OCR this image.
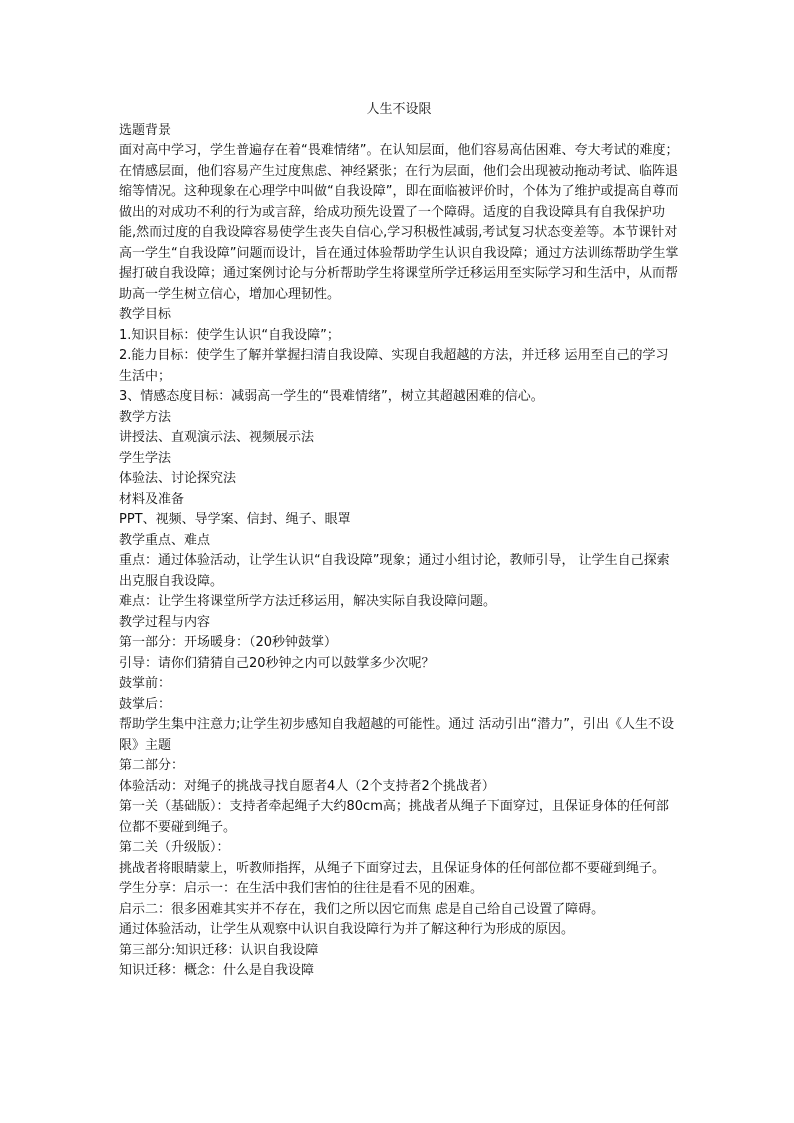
人生不设限

选题背景

面对高中学习，学生普遍存在着“畏难情绪”。在认知层面，他们容易高估困难、夸大考试的难度；在情感层面，他们容易产生过度焦虑、神经紧张；在行为层面，他们会出现被动拖动考试、临阵退缩等情况。这种现象在心理学中叫做“自我设障”，即在面临被评价时，个体为了维护或提高自尊而做出的对成功不利的行为或言辞，给成功预先设置了一个障碍。适度的自我设障具有自我保护功能,然而过度的自我设障容易使学生丧失自信心,学习积极性减弱,考试复习状态变差等。本节课针对高一学生“自我设障”问题而设计，旨在通过体验帮助学生认识自我设障；通过方法训练帮助学生掌握打破自我设障；通过案例讨论与分析帮助学生将课堂所学迁移运用至实际学习和生活中，从而帮助高一学生树立信心，增加心理韧性。

教学目标

1.知识目标：使学生认识“自我设障”；

2.能力目标：使学生了解并掌握扫清自我设障、实现自我超越的方法，并迁移 运用至自己的学习生活中；

3、情感态度目标：减弱高一学生的“畏难情绪”，树立其超越困难的信心。

教学方法

讲授法、直观演示法、视频展示法

学生学法

体验法、讨论探究法

材料及准备

PPT、视频、导学案、信封、绳子、眼罩

教学重点、难点

重点：通过体验活动，让学生认识“自我设障”现象；通过小组讨论，教师引导， 让学生自己探索出克服自我设障。

难点：让学生将课堂所学方法迁移运用，解决实际自我设障问题。

教学过程与内容

第一部分：开场暖身：（20秒钟鼓掌）

引导：请你们猜猜自己20秒钟之内可以鼓掌多少次呢？

鼓掌前：

鼓掌后：

帮助学生集中注意力;让学生初步感知自我超越的可能性。通过 活动引出“潜力”，引出《人生不设限》主题

第二部分：

体验活动：对绳子的挑战寻找自愿者4人（2个支持者2个挑战者）

第一关（基础版）：支持者牵起绳子大约80cm高；挑战者从绳子下面穿过，且保证身体的任何部位都不要碰到绳子。

第二关（升级版）：

挑战者将眼睛蒙上，听教师指挥，从绳子下面穿过去，且保证身体的任何部位都不要碰到绳子。

学生分享：启示一：在生活中我们害怕的往往是看不见的困难。

启示二：很多困难其实并不存在，我们之所以因它而焦 虑是自己给自己设置了障碍。

通过体验活动，让学生从观察中认识自我设障行为并了解这种行为形成的原因。

第三部分:知识迁移：认识自我设障

知识迁移：概念：什么是自我设障
